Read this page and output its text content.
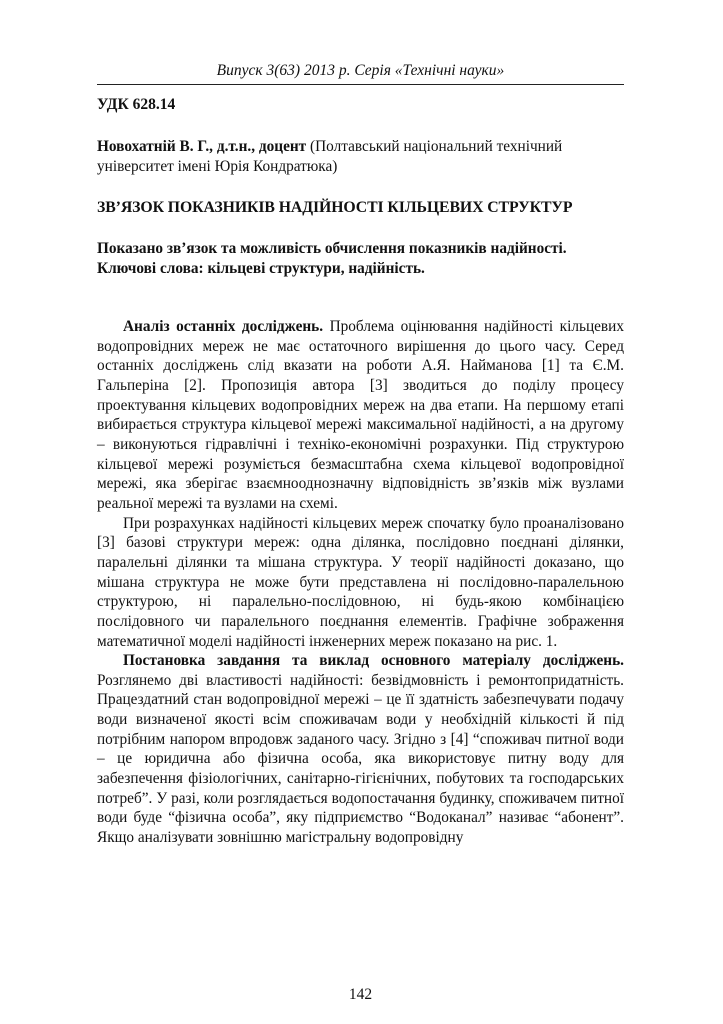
Випуск 3(63) 2013 р. Серія «Технічні науки»
УДК 628.14
Новохатній В. Г., д.т.н., доцент (Полтавський національний технічний університет імені Юрія Кондратюка)
ЗВ’ЯЗОК ПОКАЗНИКІВ НАДІЙНОСТІ КІЛЬЦЕВИХ СТРУКТУР
Показано зв’язок та можливість обчислення показників надійності.
Ключові слова: кільцеві структури, надійність.

Аналіз останніх досліджень. Проблема оцінювання надійності кільцевих водопровідних мереж не має остаточного вирішення до цього часу. Серед останніх досліджень слід вказати на роботи А.Я. Найманова [1] та Є.М. Гальперіна [2]. Пропозиція автора [3] зводиться до поділу процесу проектування кільцевих водопровідних мереж на два етапи. На першому етапі вибирається структура кільцевої мережі максимальної надійності, а на другому – виконуються гідравлічні і техніко-економічні розрахунки. Під структурою кільцевої мережі розуміється безмасштабна схема кільцевої водопровідної мережі, яка зберігає взаємнооднозначну відповідність зв’язків між вузлами реальної мережі та вузлами на схемі.

При розрахунках надійності кільцевих мереж спочатку було проаналізовано [3] базові структури мереж: одна ділянка, послідовно поєднані ділянки, паралельні ділянки та мішана структура. У теорії надійності доказано, що мішана структура не може бути представлена ні послідовно-паралельною структурою, ні паралельно-послідовною, ні будь-якою комбінацією послідовного чи паралельного поєднання елементів. Графічне зображення математичної моделі надійності інженерних мереж показано на рис. 1.

Постановка завдання та виклад основного матеріалу досліджень. Розглянемо дві властивості надійності: безвідмовність і ремонтопридатність. Працездатний стан водопровідної мережі – це її здатність забезпечувати подачу води визначеної якості всім споживачам води у необхідній кількості й під потрібним напором впродовж заданого часу. Згідно з [4] “споживач питної води – це юридична або фізична особа, яка використовує питну воду для забезпечення фізіологічних, санітарно-гігієнічних, побутових та господарських потреб”. У разі, коли розглядається водопостачання будинку, споживачем питної води буде “фізична особа”, яку підприємство “Водоканал” називає “абонент”. Якщо аналізувати зовнішню магістральну водопровідну

142
